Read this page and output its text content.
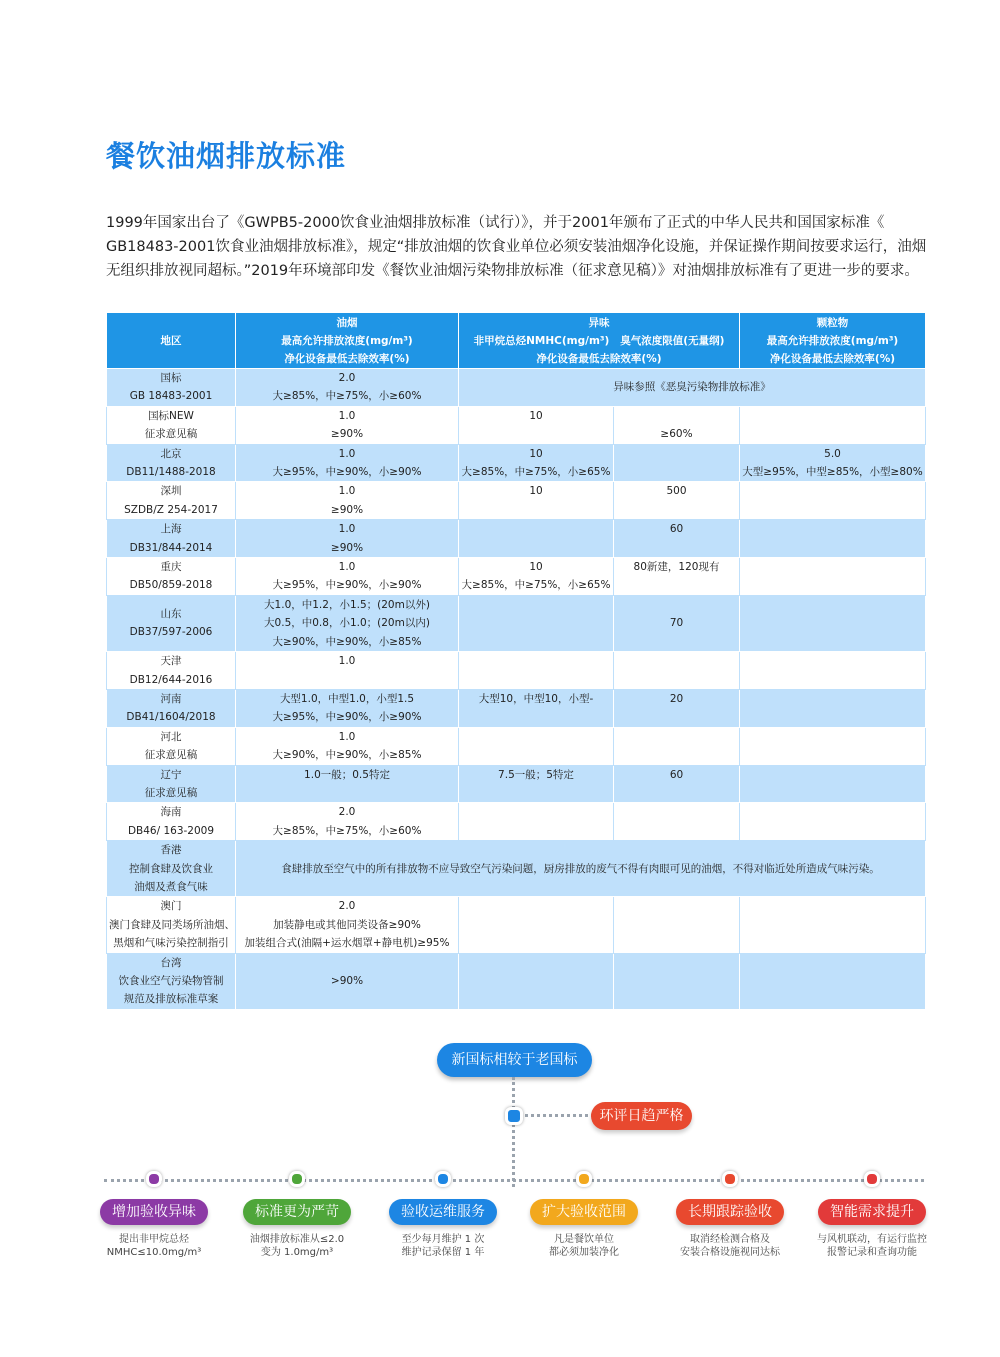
餐饮油烟排放标准

1999年国家出台了《GWPB5-2000饮食业油烟排放标准（试行）》，并于2001年颁布了正式的中华人民共和国国家标准《

GB18483-2001饮食业油烟排放标准》，规定“排放油烟的饮食业单位必须安装油烟净化设施，并保证操作期间按要求运行，油烟

无组织排放视同超标。”2019年环境部印发《餐饮业油烟污染物排放标准（征求意见稿）》对油烟排放标准有了更进一步的要求。

地区	油烟
最高允许排放浓度(mg/m³)
净化设备最低去除效率(%)	异味
非甲烷总烃NMHC(mg/m³) 臭气浓度限值(无量纲)
净化设备最低去除效率(%)		颗粒物
最高允许排放浓度(mg/m³)
净化设备最低去除效率(%)

国标
GB 18483-2001	2.0
大≥85%，中≥75%，小≥60%	异味参照《恶臭污染物排放标准》		

国标NEW
征求意见稿	1.0
≥90%	10	≥60%	

北京
DB11/1488-2018	1.0
大≥95%，中≥90%，小≥90%	10
大≥85%，中≥75%，小≥65%		5.0
大型≥95%，中型≥85%，小型≥80%

深圳
SZDB/Z 254-2017	1.0
≥90%	10	500	

上海
DB31/844-2014	1.0
≥90%		60	

重庆
DB50/859-2018	1.0
大≥95%，中≥90%，小≥90%	10
大≥85%，中≥75%，小≥65%	80新建，120现有	

山东
DB37/597-2006	大1.0，中1.2，小1.5；(20m以外)
大0.5，中0.8，小1.0；(20m以内)
大≥90%，中≥90%，小≥85%		70	

天津
DB12/644-2016	1.0			

河南
DB41/1604/2018	大型1.0，中型1.0，小型1.5
大≥95%，中≥90%，小≥90%	大型10，中型10，小型-	20	

河北
征求意见稿	1.0
大≥90%，中≥90%，小≥85%			

辽宁
征求意见稿	1.0一般；0.5特定	7.5一般；5特定	60	

海南
DB46/ 163-2009	2.0
大≥85%，中≥75%，小≥60%			

香港
控制食肆及饮食业
油烟及煮食气味	食肆排放至空气中的所有排放物不应导致空气污染问题，厨房排放的废气不得有肉眼可见的油烟，不得对临近处所造成气味污染。			

澳门
澳门食肆及同类场所油烟、
黑烟和气味污染控制指引	2.0
加装静电或其他同类设备≥90%
加装组合式(油隔+运水烟罩+静电机)≥95%			

台湾
饮食业空气污染物管制
规范及排放标准草案	>90%			

新国标相较于老国标
环评日趋严格
增加验收异味
提出非甲烷总烃
NMHC≤10.0mg/m³
标准更为严苛
油烟排放标准从≤2.0
变为 1.0mg/m³
验收运维服务
至少每月维护 1 次
维护记录保留 1 年
扩大验收范围
凡是餐饮单位
都必须加装净化
长期跟踪验收
取消经检测合格及
安装合格设施视同达标
智能需求提升
与风机联动，有运行监控
报警记录和查询功能
